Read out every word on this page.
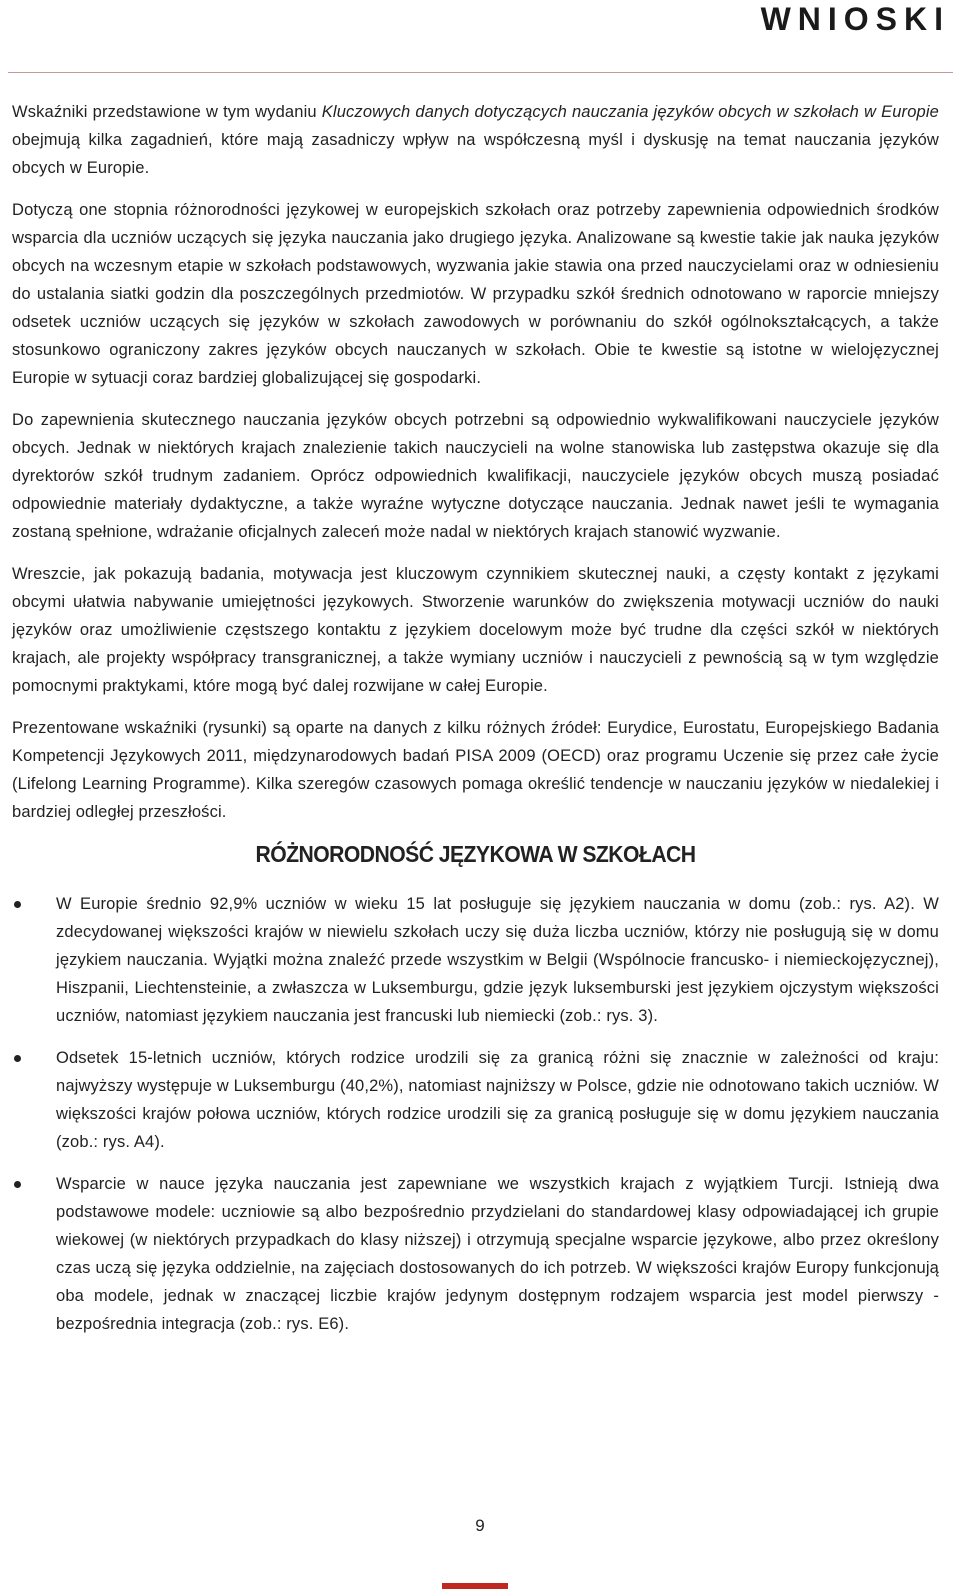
WNIOSKI

Wskaźniki przedstawione w tym wydaniu Kluczowych danych dotyczących nauczania języków obcych w szkołach w Europie obejmują kilka zagadnień, które mają zasadniczy wpływ na współczesną myśl i dyskusję na temat nauczania języków obcych w Europie.

Dotyczą one stopnia różnorodności językowej w europejskich szkołach oraz potrzeby zapewnienia odpowiednich środków wsparcia dla uczniów uczących się języka nauczania jako drugiego języka. Analizowane są kwestie takie jak nauka języków obcych na wczesnym etapie w szkołach podstawowych, wyzwania jakie stawia ona przed nauczycielami oraz w odniesieniu do ustalania siatki godzin dla poszczególnych przedmiotów. W przypadku szkół średnich odnotowano w raporcie mniejszy odsetek uczniów uczących się języków w szkołach zawodowych w porównaniu do szkół ogólnokształcących, a także stosunkowo ograniczony zakres języków obcych nauczanych w szkołach. Obie te kwestie są istotne w wielojęzycznej Europie w sytuacji coraz bardziej globalizującej się gospodarki.

Do zapewnienia skutecznego nauczania języków obcych potrzebni są odpowiednio wykwalifikowani nauczyciele języków obcych. Jednak w niektórych krajach znalezienie takich nauczycieli na wolne stanowiska lub zastępstwa okazuje się dla dyrektorów szkół trudnym zadaniem. Oprócz odpowiednich kwalifikacji, nauczyciele języków obcych muszą posiadać odpowiednie materiały dydaktyczne, a także wyraźne wytyczne dotyczące nauczania. Jednak nawet jeśli te wymagania zostaną spełnione, wdrażanie oficjalnych zaleceń może nadal w niektórych krajach stanowić wyzwanie.

Wreszcie, jak pokazują badania, motywacja jest kluczowym czynnikiem skutecznej nauki, a częsty kontakt z językami obcymi ułatwia nabywanie umiejętności językowych. Stworzenie warunków do zwiększenia motywacji uczniów do nauki języków oraz umożliwienie częstszego kontaktu z językiem docelowym może być trudne dla części szkół w niektórych krajach, ale projekty współpracy transgranicznej, a także wymiany uczniów i nauczycieli z pewnością są w tym względzie pomocnymi praktykami, które mogą być dalej rozwijane w całej Europie.

Prezentowane wskaźniki (rysunki) są oparte na danych z kilku różnych źródeł: Eurydice, Eurostatu, Europejskiego Badania Kompetencji Językowych 2011, międzynarodowych badań PISA 2009 (OECD) oraz programu Uczenie się przez całe życie (Lifelong Learning Programme). Kilka szeregów czasowych pomaga określić tendencje w nauczaniu języków w niedalekiej i bardziej odległej przeszłości.

RÓŻNORODNOŚĆ JĘZYKOWA W SZKOŁACH
W Europie średnio 92,9% uczniów w wieku 15 lat posługuje się językiem nauczania w domu (zob.: rys. A2). W zdecydowanej większości krajów w niewielu szkołach uczy się duża liczba uczniów, którzy nie posługują się w domu językiem nauczania. Wyjątki można znaleźć przede wszystkim w Belgii (Wspólnocie francusko- i niemieckojęzycznej), Hiszpanii, Liechtensteinie, a zwłaszcza w Luksemburgu, gdzie język luksemburski jest językiem ojczystym większości uczniów, natomiast językiem nauczania jest francuski lub niemiecki (zob.: rys. 3).
Odsetek 15-letnich uczniów, których rodzice urodzili się za granicą różni się znacznie w zależności od kraju: najwyższy występuje w Luksemburgu (40,2%), natomiast najniższy w Polsce, gdzie nie odnotowano takich uczniów. W większości krajów połowa uczniów, których rodzice urodzili się za granicą posługuje się w domu językiem nauczania (zob.: rys. A4).
Wsparcie w nauce języka nauczania jest zapewniane we wszystkich krajach z wyjątkiem Turcji. Istnieją dwa podstawowe modele: uczniowie są albo bezpośrednio przydzielani do standardowej klasy odpowiadającej ich grupie wiekowej (w niektórych przypadkach do klasy niższej) i otrzymują specjalne wsparcie językowe, albo przez określony czas uczą się języka oddzielnie, na zajęciach dostosowanych do ich potrzeb. W większości krajów Europy funkcjonują oba modele, jednak w znaczącej liczbie krajów jedynym dostępnym rodzajem wsparcia jest model pierwszy - bezpośrednia integracja (zob.: rys. E6).
9
